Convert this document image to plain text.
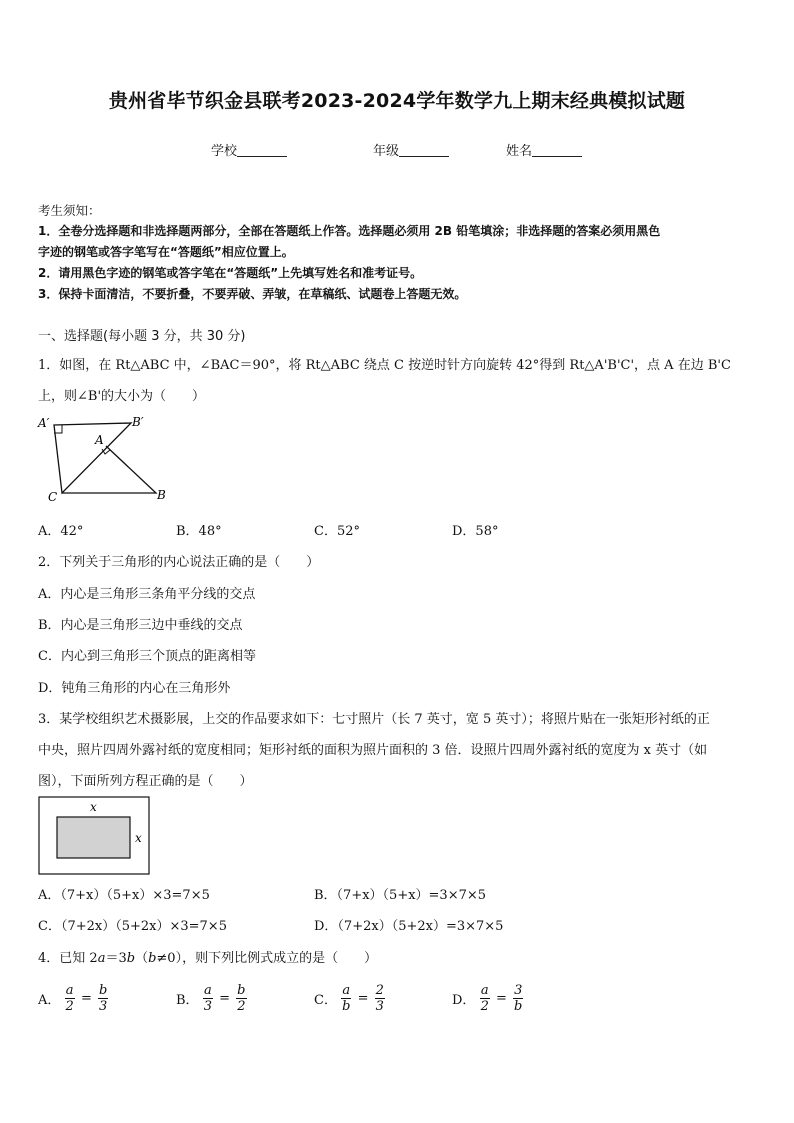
贵州省毕节织金县联考2023-2024学年数学九上期末经典模拟试题
学校	年级	姓名
考生须知：
1．全卷分选择题和非选择题两部分，全部在答题纸上作答。选择题必须用 2B 铅笔填涂；非选择题的答案必须用黑色
字迹的钢笔或答字笔写在“答题纸”相应位置上。
2．请用黑色字迹的钢笔或答字笔在“答题纸”上先填写姓名和准考证号。
3．保持卡面清洁，不要折叠，不要弄破、弄皱，在草稿纸、试题卷上答题无效。
一、选择题(每小题 3 分，共 30 分)
1．如图，在 Rt△ABC 中，∠BAC＝90°，将 Rt△ABC 绕点 C 按逆时针方向旋转 42°得到 Rt△A'B'C'，点 A 在边 B'C
上，则∠B'的大小为（　　）
A′	B′
A
C	B
A．42°	B．48°	C．52°	D．58°
2．下列关于三角形的内心说法正确的是（　　）
A．内心是三角形三条角平分线的交点
B．内心是三角形三边中垂线的交点
C．内心到三角形三个顶点的距离相等
D．钝角三角形的内心在三角形外
3．某学校组织艺术摄影展，上交的作品要求如下：七寸照片（长 7 英寸，宽 5 英寸）；将照片贴在一张矩形衬纸的正
中央，照片四周外露衬纸的宽度相同；矩形衬纸的面积为照片面积的 3 倍．设照片四周外露衬纸的宽度为 x 英寸（如
图），下面所列方程正确的是（　　）
x
x
A．（7+x）（5+x）×3=7×5	B．（7+x）（5+x）=3×7×5
C．（7+2x）（5+2x）×3=7×5	D．（7+2x）（5+2x）=3×7×5
4．已知 2a＝3b（b≠0），则下列比例式成立的是（　　）
A． $\frac{a}{2} = \frac{b}{3}$	B． $\frac{a}{3} = \frac{b}{2}$	C． $\frac{a}{b} = \frac{2}{3}$	D． $\frac{a}{2} = \frac{3}{b}$
